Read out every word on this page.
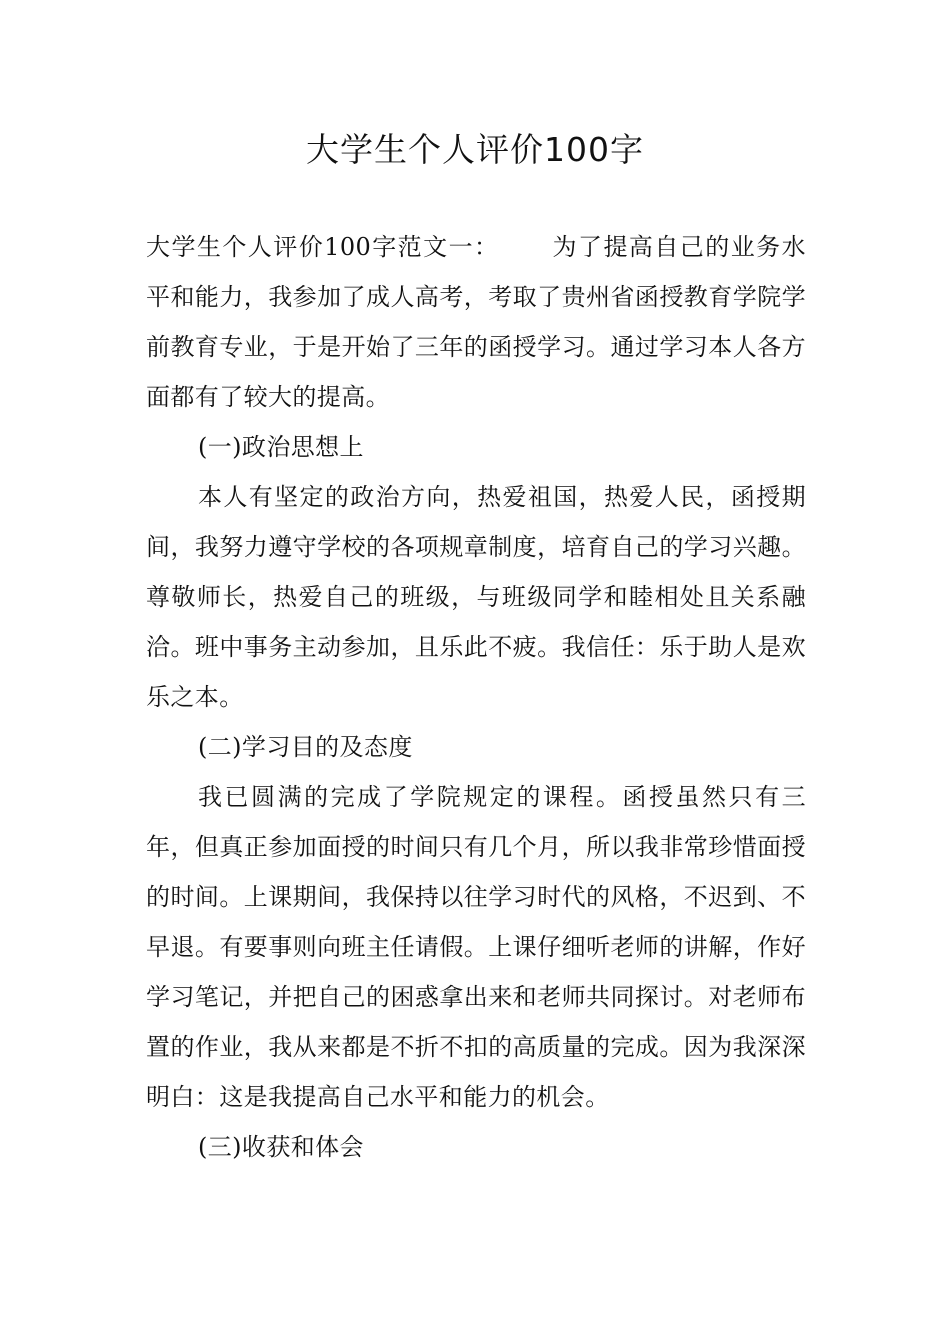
大学生个人评价100字

大学生个人评价100字范文一： 为了提高自己的业务水平和能力，我参加了成人高考，考取了贵州省函授教育学院学前教育专业，于是开始了三年的函授学习。通过学习本人各方面都有了较大的提高。

(一)政治思想上

本人有坚定的政治方向，热爱祖国，热爱人民，函授期间，我努力遵守学校的各项规章制度，培育自己的学习兴趣。尊敬师长，热爱自己的班级，与班级同学和睦相处且关系融洽。班中事务主动参加，且乐此不疲。我信任：乐于助人是欢乐之本。

(二)学习目的及态度

我已圆满的完成了学院规定的课程。函授虽然只有三年，但真正参加面授的时间只有几个月，所以我非常珍惜面授的时间。上课期间，我保持以往学习时代的风格，不迟到、不早退。有要事则向班主任请假。上课仔细听老师的讲解，作好学习笔记，并把自己的困惑拿出来和老师共同探讨。对老师布置的作业，我从来都是不折不扣的高质量的完成。因为我深深明白：这是我提高自己水平和能力的机会。

(三)收获和体会
